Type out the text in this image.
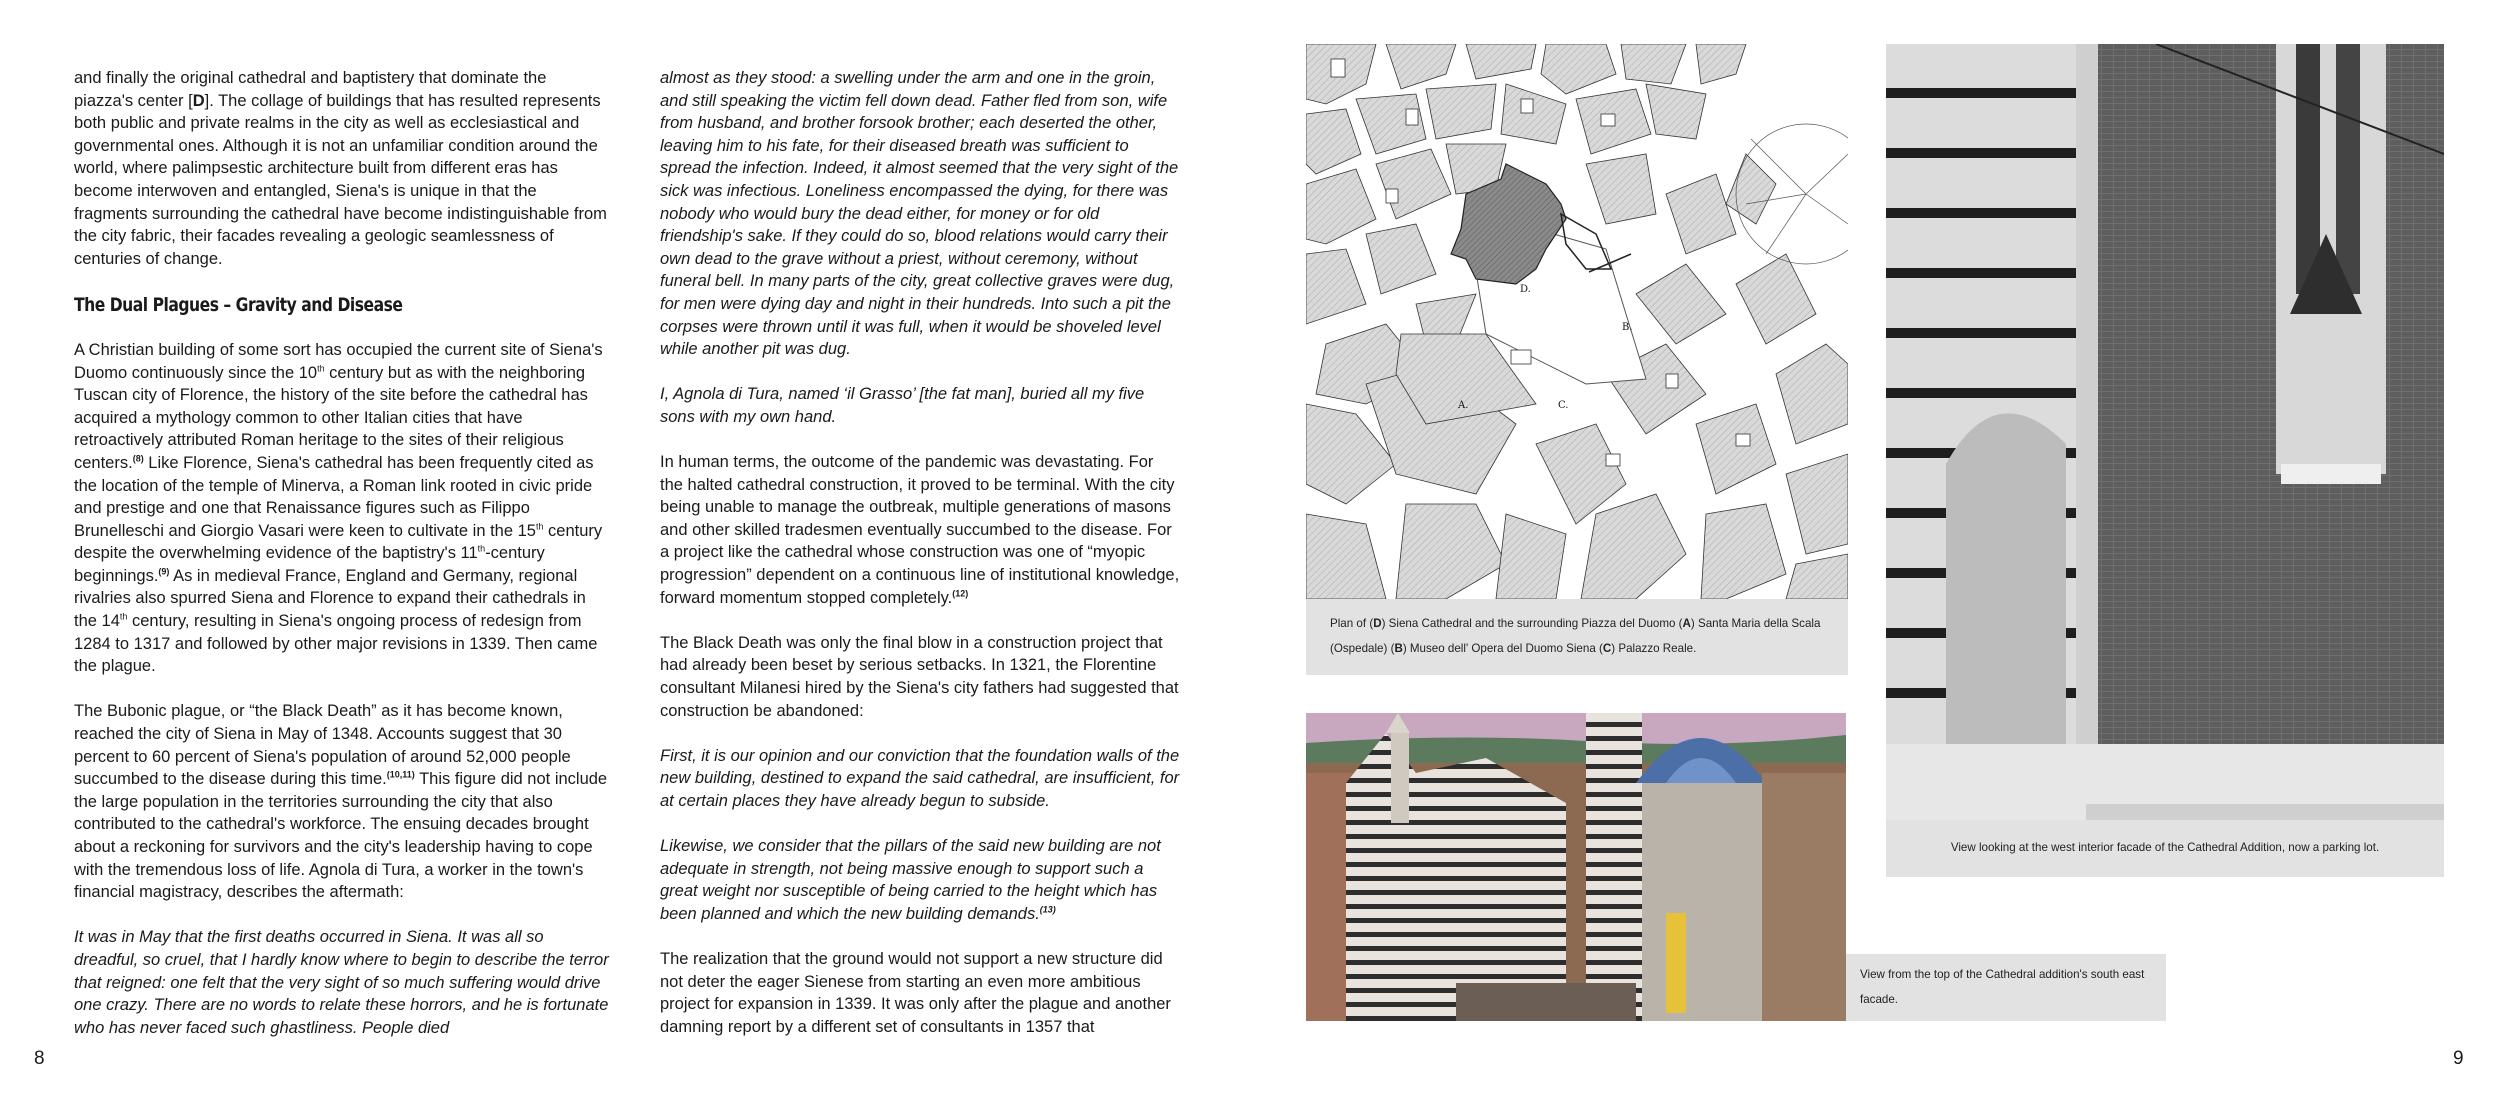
and finally the original cathedral and baptistery that dominate the piazza's center [D]. The collage of buildings that has resulted represents both public and private realms in the city as well as ecclesiastical and governmental ones. Although it is not an unfamiliar condition around the world, where palimpsestic architecture built from different eras has become interwoven and entangled, Siena's is unique in that the fragments surrounding the cathedral have become indistinguishable from the city fabric, their facades revealing a geologic seamlessness of centuries of change.

The Dual Plagues – Gravity and Disease

A Christian building of some sort has occupied the current site of Siena's Duomo continuously since the 10th century but as with the neighboring Tuscan city of Florence, the history of the site before the cathedral has acquired a mythology common to other Italian cities that have retroactively attributed Roman heritage to the sites of their religious centers.$^{(8)}$ Like Florence, Siena's cathedral has been frequently cited as the location of the temple of Minerva, a Roman link rooted in civic pride and prestige and one that Renaissance figures such as Filippo Brunelleschi and Giorgio Vasari were keen to cultivate in the 15th century despite the overwhelming evidence of the baptistry's 11th-century beginnings.$^{(9)}$ As in medieval France, England and Germany, regional rivalries also spurred Siena and Florence to expand their cathedrals in the 14th century, resulting in Siena's ongoing process of redesign from 1284 to 1317 and followed by other major revisions in 1339. Then came the plague.

The Bubonic plague, or “the Black Death” as it has become known, reached the city of Siena in May of 1348. Accounts suggest that 30 percent to 60 percent of Siena's population of around 52,000 people succumbed to the disease during this time.$^{(10,11)}$ This figure did not include the large population in the territories surrounding the city that also contributed to the cathedral's workforce. The ensuing decades brought about a reckoning for survivors and the city's leadership having to cope with the tremendous loss of life. Agnola di Tura, a worker in the town's financial magistracy, describes the aftermath:

It was in May that the first deaths occurred in Siena. It was all so dreadful, so cruel, that I hardly know where to begin to describe the terror that reigned: one felt that the very sight of so much suffering would drive one crazy. There are no words to relate these horrors, and he is fortunate who has never faced such ghastliness. People died

almost as they stood: a swelling under the arm and one in the groin, and still speaking the victim fell down dead. Father fled from son, wife from husband, and brother forsook brother; each deserted the other, leaving him to his fate, for their diseased breath was sufficient to spread the infection. Indeed, it almost seemed that the very sight of the sick was infectious. Loneliness encompassed the dying, for there was nobody who would bury the dead either, for money or for old friendship's sake. If they could do so, blood relations would carry their own dead to the grave without a priest, without ceremony, without funeral bell. In many parts of the city, great collective graves were dug, for men were dying day and night in their hundreds. Into such a pit the corpses were thrown until it was full, when it would be shoveled level while another pit was dug.

I, Agnola di Tura, named ‘il Grasso’ [the fat man], buried all my five sons with my own hand.

In human terms, the outcome of the pandemic was devastating. For the halted cathedral construction, it proved to be terminal. With the city being unable to manage the outbreak, multiple generations of masons and other skilled tradesmen eventually succumbed to the disease. For a project like the cathedral whose construction was one of “myopic progression” dependent on a continuous line of institutional knowledge, forward momentum stopped completely.$^{(12)}$

The Black Death was only the final blow in a construction project that had already been beset by serious setbacks. In 1321, the Florentine consultant Milanesi hired by the Siena's city fathers had suggested that construction be abandoned:

First, it is our opinion and our conviction that the foundation walls of the new building, destined to expand the said cathedral, are insufficient, for at certain places they have already begun to subside.

Likewise, we consider that the pillars of the said new building are not adequate in strength, not being massive enough to support such a great weight nor susceptible of being carried to the height which has been planned and which the new building demands.$^{(13)}$

The realization that the ground would not support a new structure did not deter the eager Sienese from starting an even more ambitious project for expansion in 1339. It was only after the plague and another damning report by a different set of consultants in 1357 that

8	9
D.
B.
A.	C.
Plan of (D) Siena Cathedral and the surrounding Piazza del Duomo (A) Santa Maria della Scala (Ospedale) (B) Museo dell' Opera del Duomo Siena (C) Palazzo Reale.
View from the top of the Cathedral addition's south east facade.
View looking at the west interior facade of the Cathedral Addition, now a parking lot.
